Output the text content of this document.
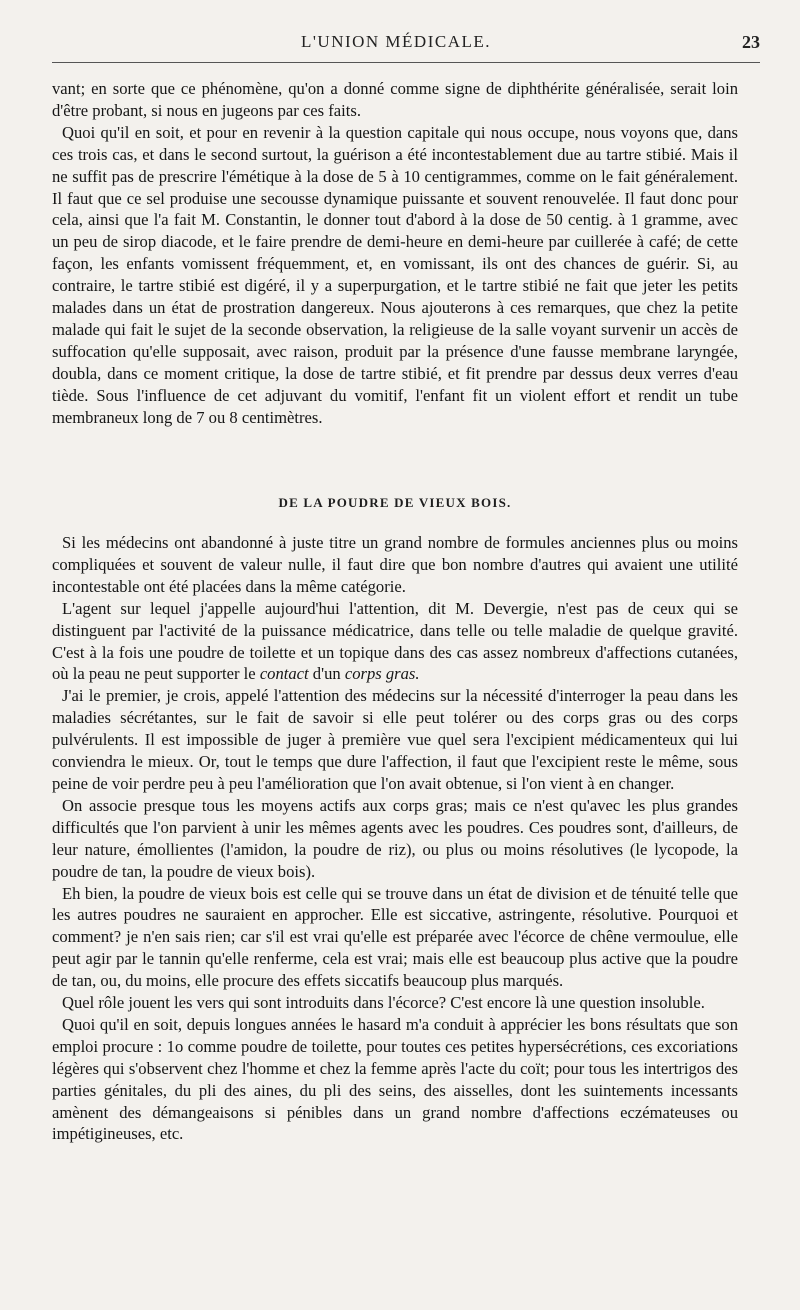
L'UNION MÉDICALE.	23

vant; en sorte que ce phénomène, qu'on a donné comme signe de diphthérite généralisée, serait loin d'être probant, si nous en jugeons par ces faits.

Quoi qu'il en soit, et pour en revenir à la question capitale qui nous occupe, nous voyons que, dans ces trois cas, et dans le second surtout, la guérison a été incontestablement due au tartre stibié. Mais il ne suffit pas de prescrire l'émétique à la dose de 5 à 10 centigrammes, comme on le fait généralement. Il faut que ce sel produise une secousse dynamique puissante et souvent renouvelée. Il faut donc pour cela, ainsi que l'a fait M. Constantin, le donner tout d'abord à la dose de 50 centig. à 1 gramme, avec un peu de sirop diacode, et le faire prendre de demi-heure en demi-heure par cuillerée à café; de cette façon, les enfants vomissent fréquemment, et, en vomissant, ils ont des chances de guérir. Si, au contraire, le tartre stibié est digéré, il y a superpurgation, et le tartre stibié ne fait que jeter les petits malades dans un état de prostration dangereux. Nous ajouterons à ces remarques, que chez la petite malade qui fait le sujet de la seconde observation, la religieuse de la salle voyant survenir un accès de suffocation qu'elle supposait, avec raison, produit par la présence d'une fausse membrane laryngée, doubla, dans ce moment critique, la dose de tartre stibié, et fit prendre par dessus deux verres d'eau tiède. Sous l'influence de cet adjuvant du vomitif, l'enfant fit un violent effort et rendit un tube membraneux long de 7 ou 8 centimètres.

DE LA POUDRE DE VIEUX BOIS.

Si les médecins ont abandonné à juste titre un grand nombre de formules anciennes plus ou moins compliquées et souvent de valeur nulle, il faut dire que bon nombre d'autres qui avaient une utilité incontestable ont été placées dans la même catégorie.

L'agent sur lequel j'appelle aujourd'hui l'attention, dit M. Devergie, n'est pas de ceux qui se distinguent par l'activité de la puissance médicatrice, dans telle ou telle maladie de quelque gravité. C'est à la fois une poudre de toilette et un topique dans des cas assez nombreux d'affections cutanées, où la peau ne peut supporter le contact d'un corps gras.

J'ai le premier, je crois, appelé l'attention des médecins sur la nécessité d'interroger la peau dans les maladies sécrétantes, sur le fait de savoir si elle peut tolérer ou des corps gras ou des corps pulvérulents. Il est impossible de juger à première vue quel sera l'excipient médicamenteux qui lui conviendra le mieux. Or, tout le temps que dure l'affection, il faut que l'excipient reste le même, sous peine de voir perdre peu à peu l'amélioration que l'on avait obtenue, si l'on vient à en changer.

On associe presque tous les moyens actifs aux corps gras; mais ce n'est qu'avec les plus grandes difficultés que l'on parvient à unir les mêmes agents avec les poudres. Ces poudres sont, d'ailleurs, de leur nature, émollientes (l'amidon, la poudre de riz), ou plus ou moins résolutives (le lycopode, la poudre de tan, la poudre de vieux bois).

Eh bien, la poudre de vieux bois est celle qui se trouve dans un état de division et de ténuité telle que les autres poudres ne sauraient en approcher. Elle est siccative, astringente, résolutive. Pourquoi et comment? je n'en sais rien; car s'il est vrai qu'elle est préparée avec l'écorce de chêne vermoulue, elle peut agir par le tannin qu'elle renferme, cela est vrai; mais elle est beaucoup plus active que la poudre de tan, ou, du moins, elle procure des effets siccatifs beaucoup plus marqués.

Quel rôle jouent les vers qui sont introduits dans l'écorce? C'est encore là une question insoluble.

Quoi qu'il en soit, depuis longues années le hasard m'a conduit à apprécier les bons résultats que son emploi procure : 1o comme poudre de toilette, pour toutes ces petites hypersécrétions, ces excoriations légères qui s'observent chez l'homme et chez la femme après l'acte du coït; pour tous les intertrigos des parties génitales, du pli des aines, du pli des seins, des aisselles, dont les suintements incessants amènent des démangeaisons si pénibles dans un grand nombre d'affections eczémateuses ou impétigineuses, etc.
